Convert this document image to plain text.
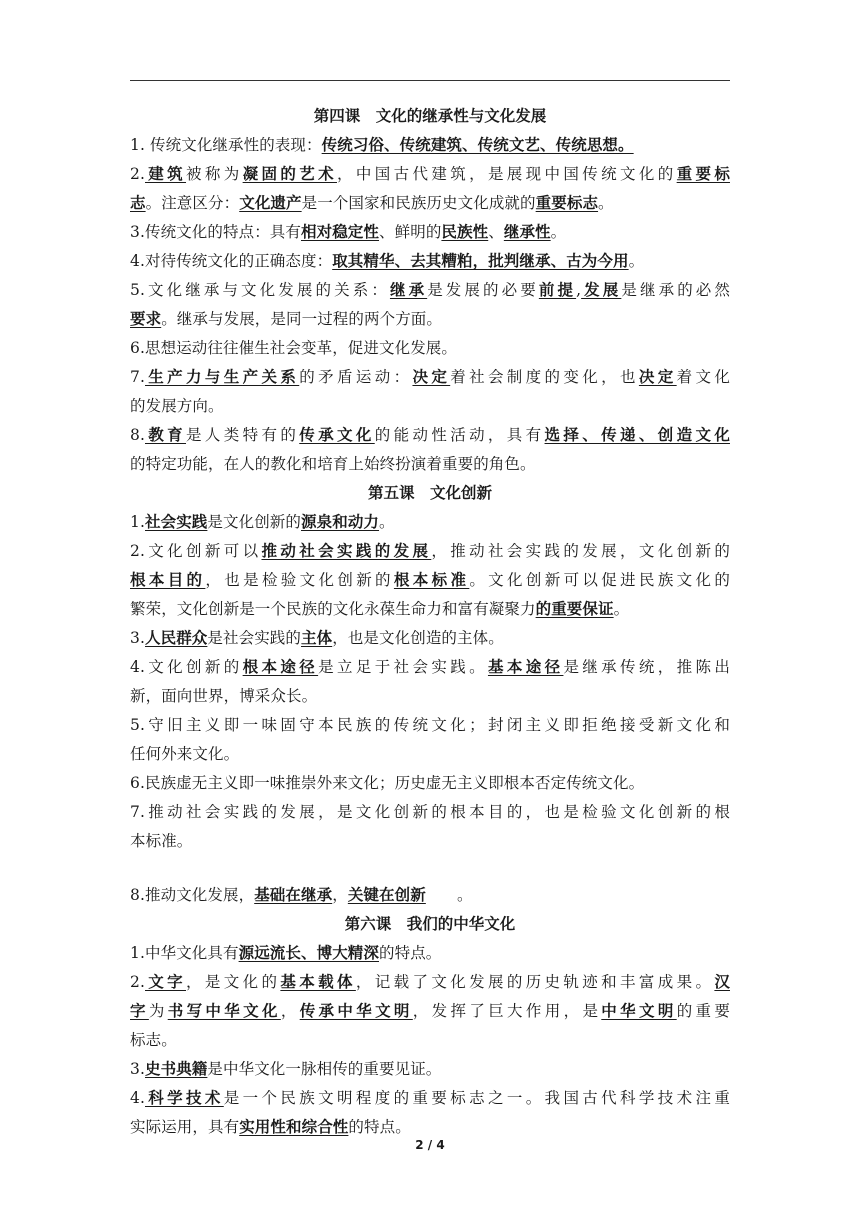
第四课　文化的继承性与文化发展
1. 传统文化继承性的表现：传统习俗、传统建筑、传统文艺、传统思想。
2.建筑被称为凝固的艺术，中国古代建筑，是展现中国传统文化的重要标
志。注意区分：文化遗产是一个国家和民族历史文化成就的重要标志。
3.传统文化的特点：具有相对稳定性、鲜明的民族性、继承性。
4.对待传统文化的正确态度：取其精华、去其糟粕，批判继承、古为今用。
5.文化继承与文化发展的关系：继承是发展的必要前提,发展是继承的必然
要求。继承与发展，是同一过程的两个方面。
6.思想运动往往催生社会变革，促进文化发展。
7.生产力与生产关系的矛盾运动：决定着社会制度的变化，也决定着文化
的发展方向。
8.教育是人类特有的传承文化的能动性活动，具有选择、传递、创造文化
的特定功能，在人的教化和培育上始终扮演着重要的角色。
第五课　文化创新
1.社会实践是文化创新的源泉和动力。
2.文化创新可以推动社会实践的发展，推动社会实践的发展，文化创新的
根本目的，也是检验文化创新的根本标准。文化创新可以促进民族文化的
繁荣，文化创新是一个民族的文化永葆生命力和富有凝聚力的重要保证。
3.人民群众是社会实践的主体，也是文化创造的主体。
4.文化创新的根本途径是立足于社会实践。基本途径是继承传统，推陈出
新，面向世界，博采众长。
5.守旧主义即一味固守本民族的传统文化；封闭主义即拒绝接受新文化和
任何外来文化。
6.民族虚无主义即一味推崇外来文化；历史虚无主义即根本否定传统文化。
7.推动社会实践的发展，是文化创新的根本目的，也是检验文化创新的根
本标准。
8.推动文化发展，基础在继承，关键在创新　　。
第六课　我们的中华文化
1.中华文化具有源远流长、博大精深的特点。
2.文字，是文化的基本载体，记载了文化发展的历史轨迹和丰富成果。汉
字为书写中华文化，传承中华文明，发挥了巨大作用，是中华文明的重要
标志。
3.史书典籍是中华文化一脉相传的重要见证。
4.科学技术是一个民族文明程度的重要标志之一。我国古代科学技术注重
实际运用，具有实用性和综合性的特点。
2 / 4
